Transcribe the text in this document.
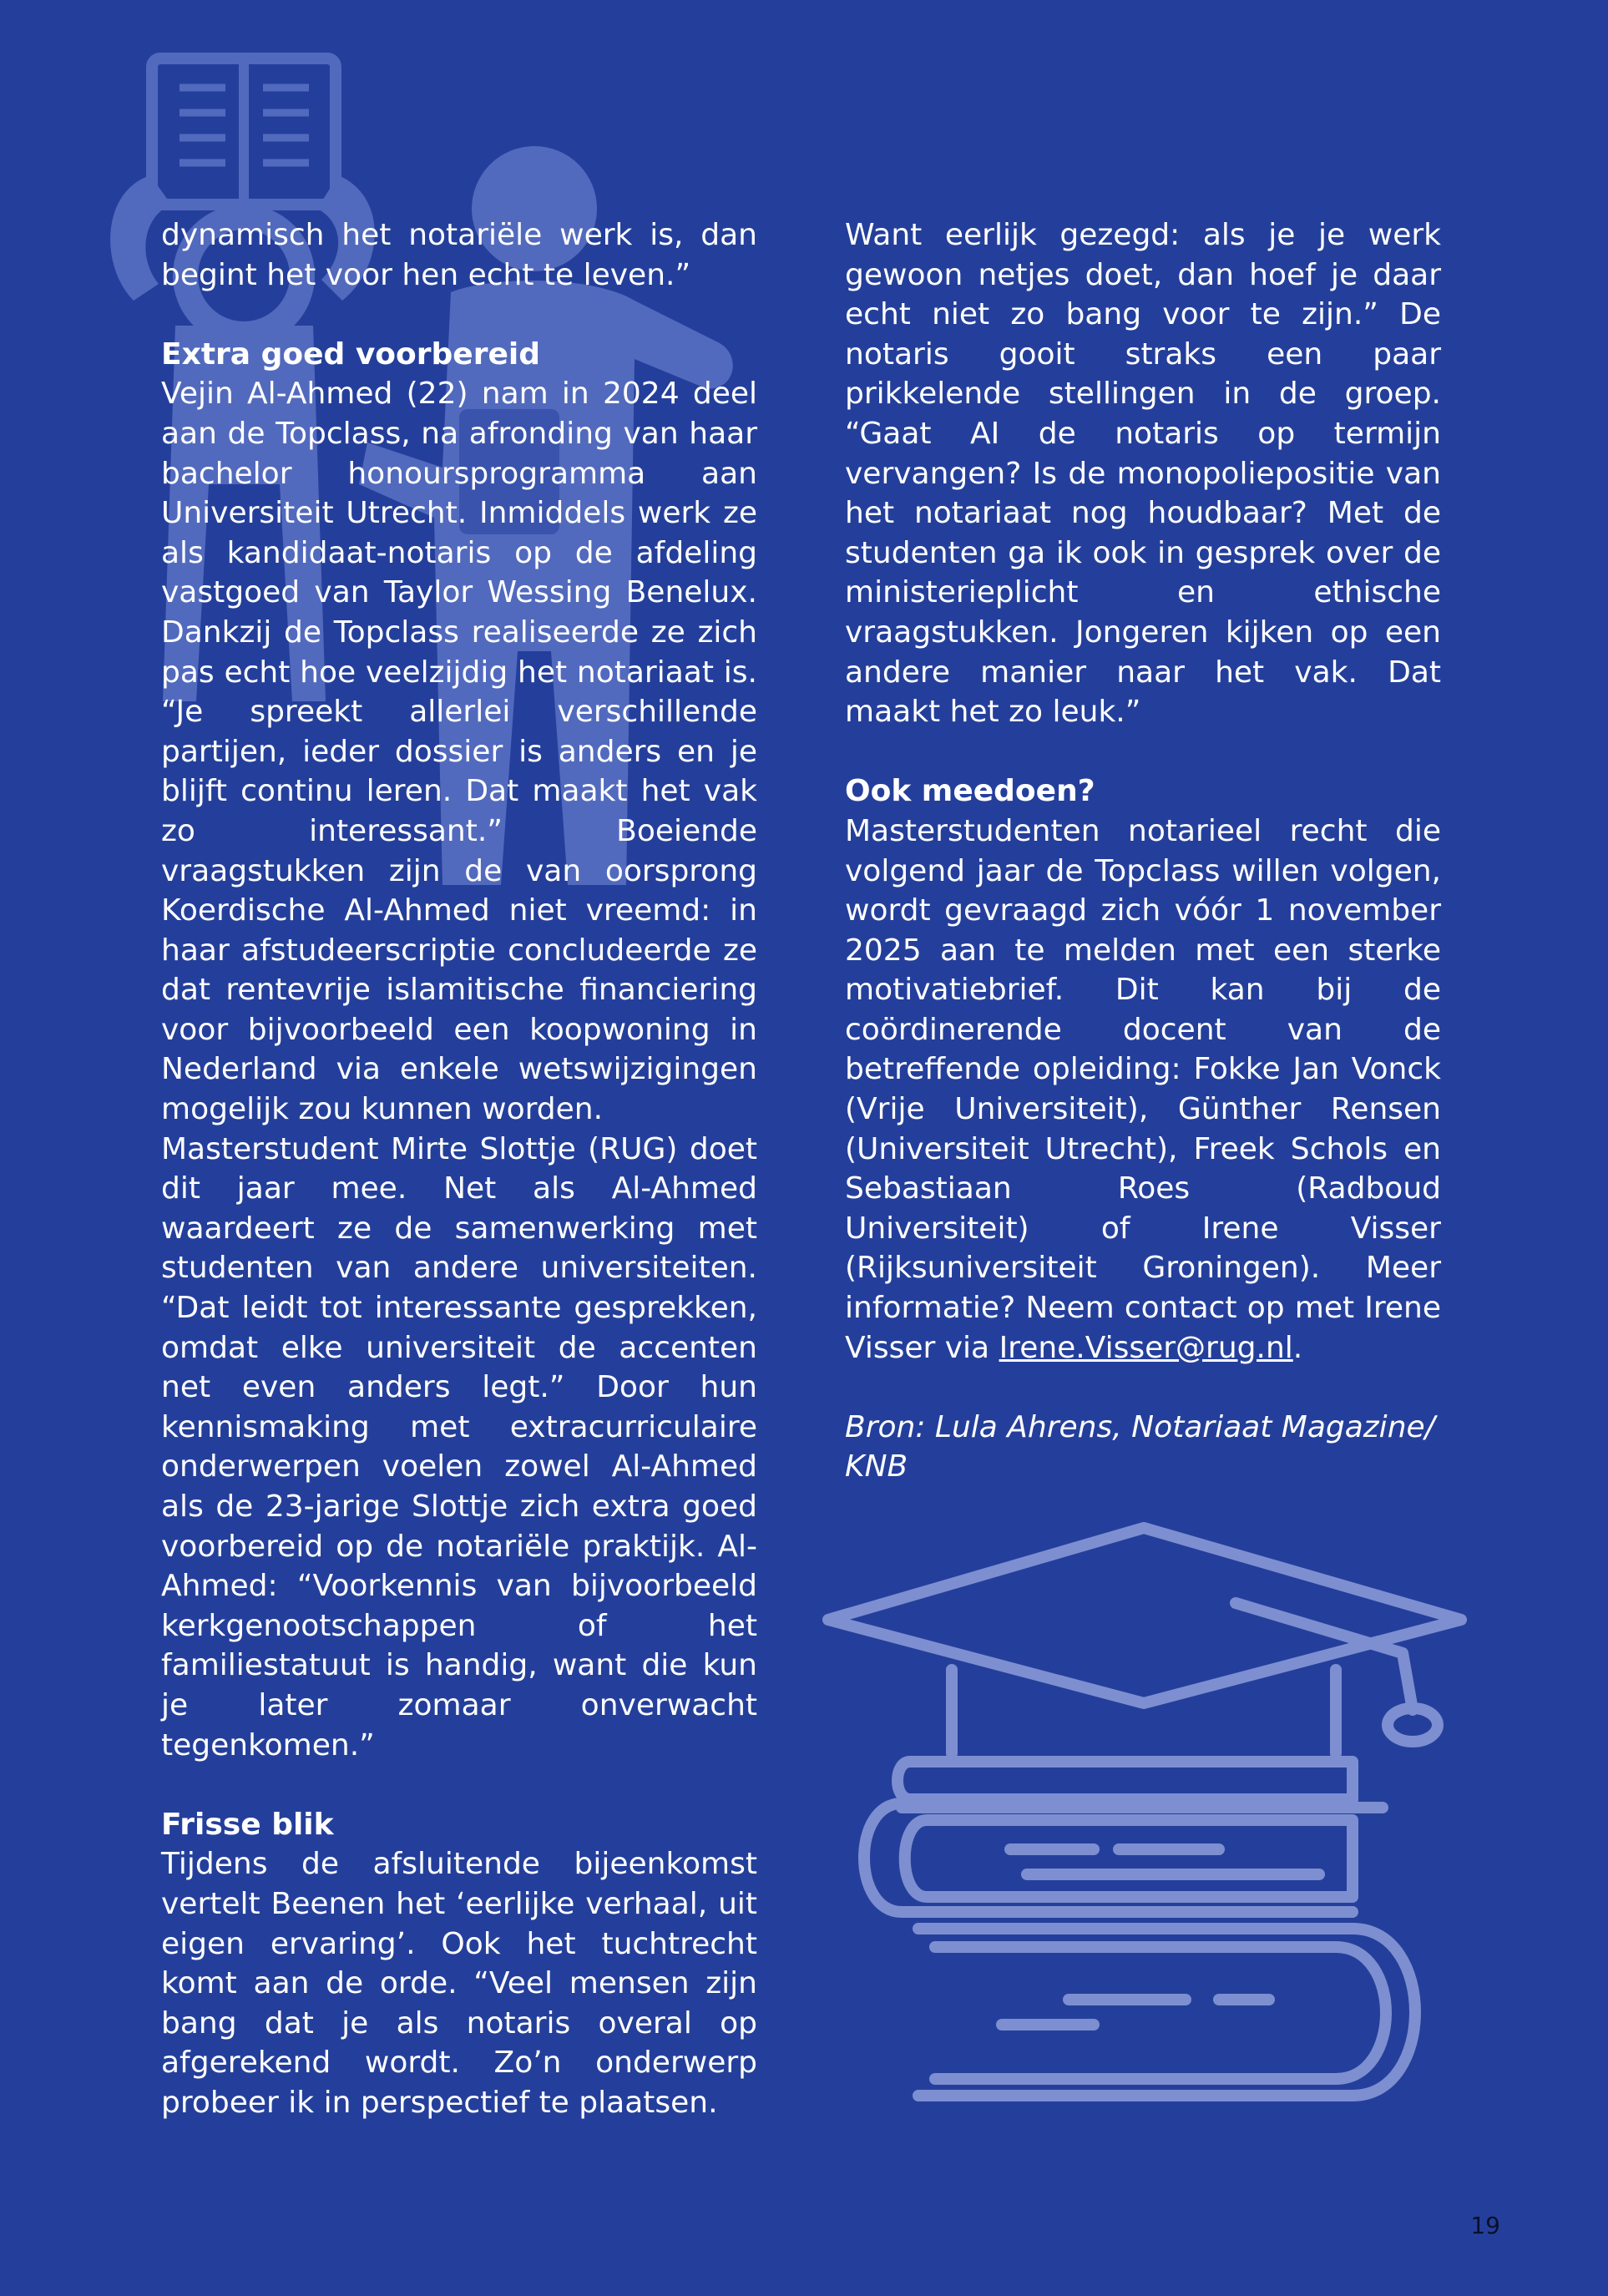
dynamisch het notariële werk is, dan begint het voor hen echt te leven.”

Extra goed voorbereid

Vejin Al-Ahmed (22) nam in 2024 deel aan de Topclass, na afronding van haar bachelor honoursprogramma aan Universiteit Utrecht. Inmiddels werk ze als kandidaat-notaris op de afdeling vastgoed van Taylor Wessing Benelux. Dankzij de Topclass realiseerde ze zich pas echt hoe veelzijdig het notariaat is. “Je spreekt allerlei verschillende partijen, ieder dossier is anders en je blijft continu leren. Dat maakt het vak zo interessant.” Boeiende vraagstukken zijn de van oorsprong Koerdische Al-Ahmed niet vreemd: in haar afstudeerscriptie concludeerde ze dat rentevrije islamitische financiering voor bijvoorbeeld een koopwoning in Nederland via enkele wetswijzigingen mogelijk zou kunnen worden.

Masterstudent Mirte Slottje (RUG) doet dit jaar mee. Net als Al-Ahmed waardeert ze de samenwerking met studenten van andere universiteiten. “Dat leidt tot interessante gesprekken, omdat elke universiteit de accenten net even anders legt.” Door hun kennismaking met extracurriculaire onderwerpen voelen zowel Al-Ahmed als de 23-jarige Slottje zich extra goed voorbereid op de notariële praktijk. Al-Ahmed: “Voorkennis van bijvoorbeeld kerkgenootschappen of het familiestatuut is handig, want die kun je later zomaar onverwacht tegenkomen.”

Frisse blik

Tijdens de afsluitende bijeenkomst vertelt Beenen het ‘eerlijke verhaal, uit eigen ervaring’. Ook het tuchtrecht komt aan de orde. “Veel mensen zijn bang dat je als notaris overal op afgerekend wordt. Zo’n onderwerp probeer ik in perspectief te plaatsen.

Want eerlijk gezegd: als je je werk gewoon netjes doet, dan hoef je daar echt niet zo bang voor te zijn.” De notaris gooit straks een paar prikkelende stellingen in de groep. “Gaat AI de notaris op termijn vervangen? Is de monopoliepositie van het notariaat nog houdbaar? Met de studenten ga ik ook in gesprek over de ministerieplicht en ethische vraagstukken. Jongeren kijken op een andere manier naar het vak. Dat maakt het zo leuk.”

Ook meedoen?

Masterstudenten notarieel recht die volgend jaar de Topclass willen volgen, wordt gevraagd zich vóór 1 november 2025 aan te melden met een sterke motivatiebrief. Dit kan bij de coördinerende docent van de betreffende opleiding: Fokke Jan Vonck (Vrije Universiteit), Günther Rensen (Universiteit Utrecht), Freek Schols en Sebastiaan Roes (Radboud Universiteit) of Irene Visser (Rijksuniversiteit Groningen). Meer informatie? Neem contact op met Irene Visser via Irene.Visser@rug.nl.

Bron: Lula Ahrens, Notariaat Magazine/ KNB

19
